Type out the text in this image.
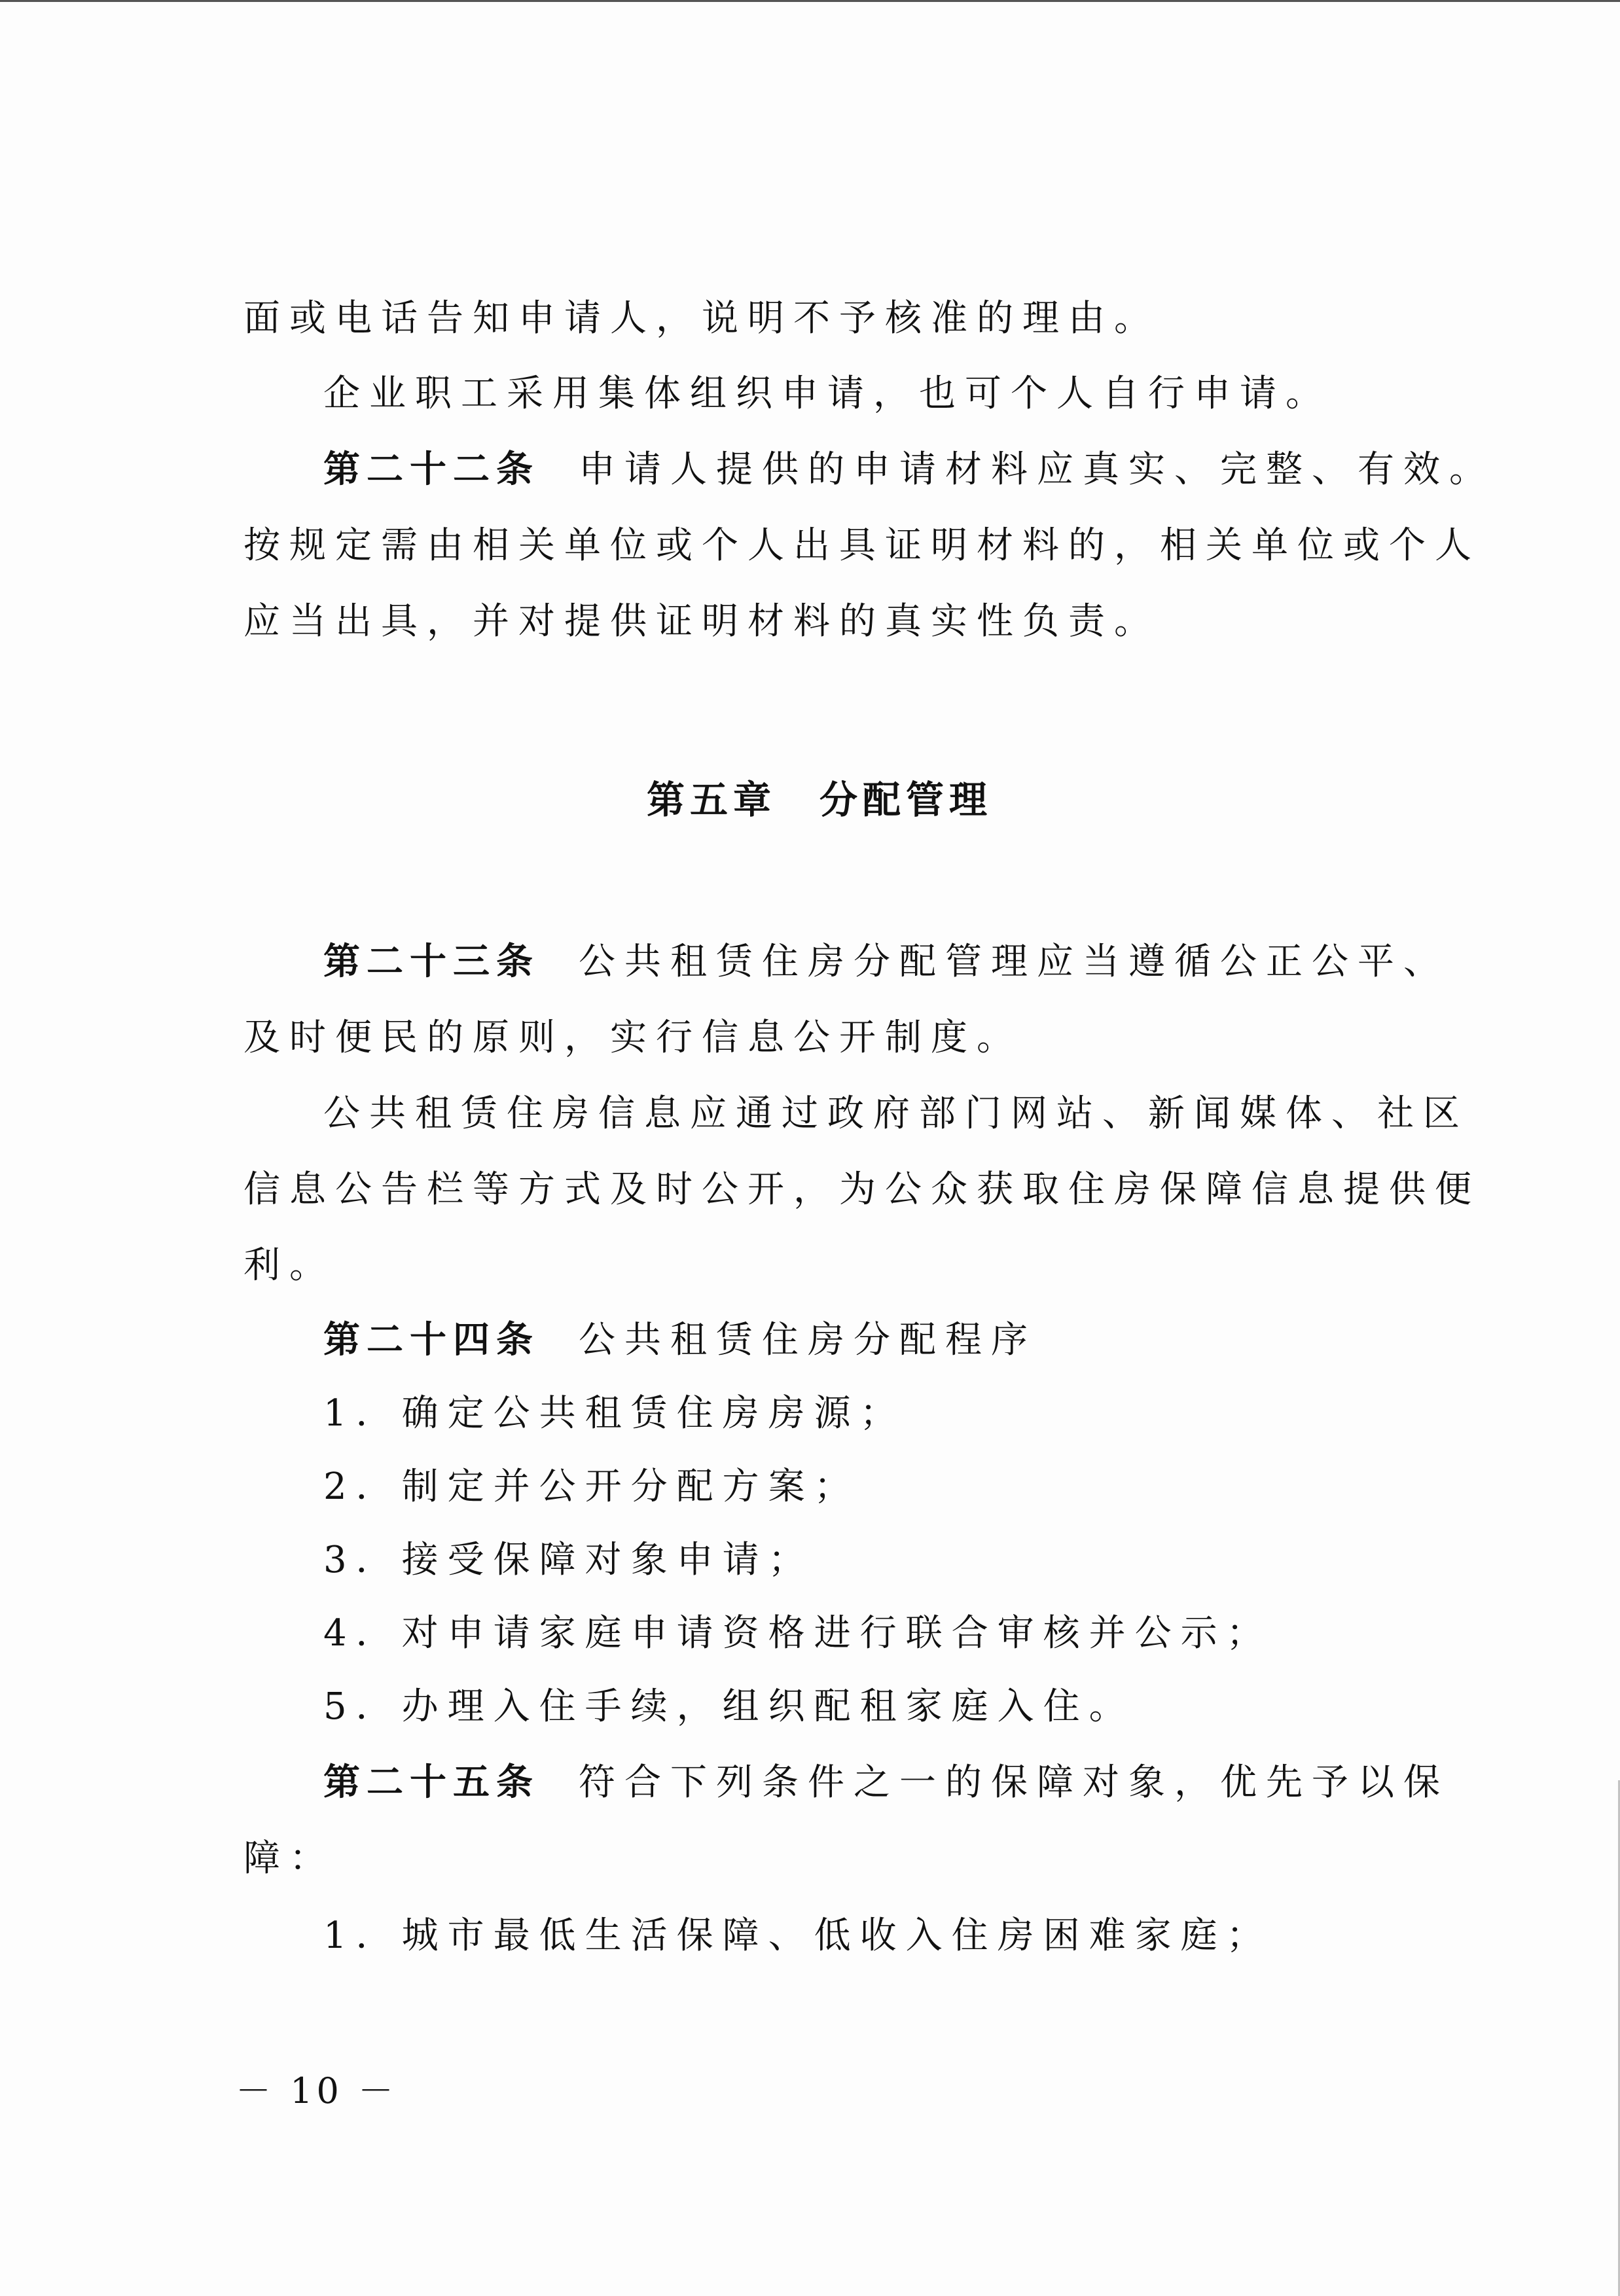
面或电话告知申请人，说明不予核准的理由。
企业职工采用集体组织申请，也可个人自行申请。
第二十二条 申请人提供的申请材料应真实、完整、有效。
按规定需由相关单位或个人出具证明材料的，相关单位或个人
应当出具，并对提供证明材料的真实性负责。
第五章　分配管理
第二十三条 公共租赁住房分配管理应当遵循公正公平、
及时便民的原则，实行信息公开制度。
公共租赁住房信息应通过政府部门网站、新闻媒体、社区
信息公告栏等方式及时公开，为公众获取住房保障信息提供便
利。
第二十四条 公共租赁住房分配程序
1．确定公共租赁住房房源；
2．制定并公开分配方案；
3．接受保障对象申请；
4．对申请家庭申请资格进行联合审核并公示；
5．办理入住手续，组织配租家庭入住。
第二十五条 符合下列条件之一的保障对象，优先予以保
障：
1．城市最低生活保障、低收入住房困难家庭；
－ 10 －
